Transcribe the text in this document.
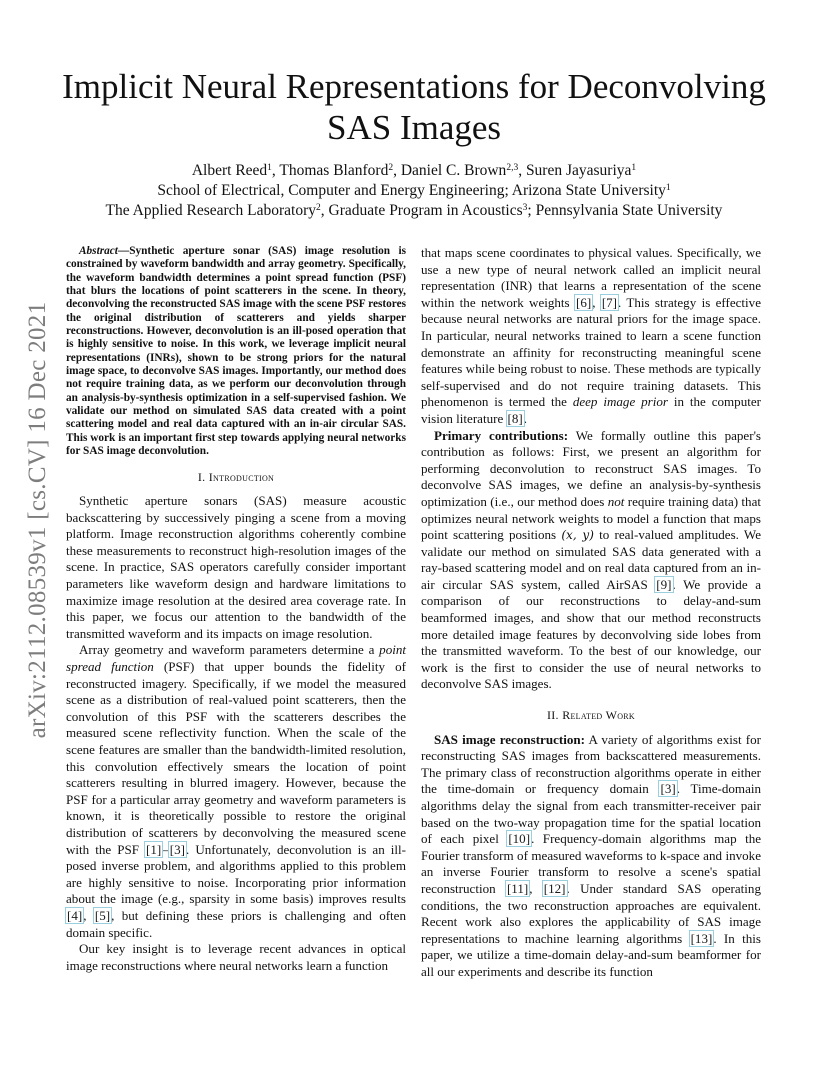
arXiv:2112.08539v1 [cs.CV] 16 Dec 2021
Implicit Neural Representations for Deconvolving SAS Images
Albert Reed$^1$, Thomas Blanford$^2$, Daniel C. Brown$^{2,3}$, Suren Jayasuriya$^1$
School of Electrical, Computer and Energy Engineering; Arizona State University$^1$
The Applied Research Laboratory$^2$, Graduate Program in Acoustics$^3$; Pennsylvania State University

Abstract—Synthetic aperture sonar (SAS) image resolution is constrained by waveform bandwidth and array geometry. Specifically, the waveform bandwidth determines a point spread function (PSF) that blurs the locations of point scatterers in the scene. In theory, deconvolving the reconstructed SAS image with the scene PSF restores the original distribution of scatterers and yields sharper reconstructions. However, deconvolution is an ill-posed operation that is highly sensitive to noise. In this work, we leverage implicit neural representations (INRs), shown to be strong priors for the natural image space, to deconvolve SAS images. Importantly, our method does not require training data, as we perform our deconvolution through an analysis-by-synthesis optimization in a self-supervised fashion. We validate our method on simulated SAS data created with a point scattering model and real data captured with an in-air circular SAS. This work is an important first step towards applying neural networks for SAS image deconvolution.

I. Introduction

Synthetic aperture sonars (SAS) measure acoustic backscattering by successively pinging a scene from a moving platform. Image reconstruction algorithms coherently combine these measurements to reconstruct high-resolution images of the scene. In practice, SAS operators carefully consider important parameters like waveform design and hardware limitations to maximize image resolution at the desired area coverage rate. In this paper, we focus our attention to the bandwidth of the transmitted waveform and its impacts on image resolution.

Array geometry and waveform parameters determine a point spread function (PSF) that upper bounds the fidelity of reconstructed imagery. Specifically, if we model the measured scene as a distribution of real-valued point scatterers, then the convolution of this PSF with the scatterers describes the measured scene reflectivity function. When the scale of the scene features are smaller than the bandwidth-limited resolution, this convolution effectively smears the location of point scatterers resulting in blurred imagery. However, because the PSF for a particular array geometry and waveform parameters is known, it is theoretically possible to restore the original distribution of scatterers by deconvolving the measured scene with the PSF [1]–[3]. Unfortunately, deconvolution is an ill-posed inverse problem, and algorithms applied to this problem are highly sensitive to noise. Incorporating prior information about the image (e.g., sparsity in some basis) improves results [4], [5], but defining these priors is challenging and often domain specific.

Our key insight is to leverage recent advances in optical image reconstructions where neural networks learn a function

that maps scene coordinates to physical values. Specifically, we use a new type of neural network called an implicit neural representation (INR) that learns a representation of the scene within the network weights [6], [7]. This strategy is effective because neural networks are natural priors for the image space. In particular, neural networks trained to learn a scene function demonstrate an affinity for reconstructing meaningful scene features while being robust to noise. These methods are typically self-supervised and do not require training datasets. This phenomenon is termed the deep image prior in the computer vision literature [8].

Primary contributions: We formally outline this paper's contribution as follows: First, we present an algorithm for performing deconvolution to reconstruct SAS images. To deconvolve SAS images, we define an analysis-by-synthesis optimization (i.e., our method does not require training data) that optimizes neural network weights to model a function that maps point scattering positions (x, y) to real-valued amplitudes. We validate our method on simulated SAS data generated with a ray-based scattering model and on real data captured from an in-air circular SAS system, called AirSAS [9]. We provide a comparison of our reconstructions to delay-and-sum beamformed images, and show that our method reconstructs more detailed image features by deconvolving side lobes from the transmitted waveform. To the best of our knowledge, our work is the first to consider the use of neural networks to deconvolve SAS images.

II. Related Work

SAS image reconstruction: A variety of algorithms exist for reconstructing SAS images from backscattered measurements. The primary class of reconstruction algorithms operate in either the time-domain or frequency domain [3]. Time-domain algorithms delay the signal from each transmitter-receiver pair based on the two-way propagation time for the spatial location of each pixel [10]. Frequency-domain algorithms map the Fourier transform of measured waveforms to k-space and invoke an inverse Fourier transform to resolve a scene's spatial reconstruction [11], [12]. Under standard SAS operating conditions, the two reconstruction approaches are equivalent. Recent work also explores the applicability of SAS image representations to machine learning algorithms [13]. In this paper, we utilize a time-domain delay-and-sum beamformer for all our experiments and describe its function
